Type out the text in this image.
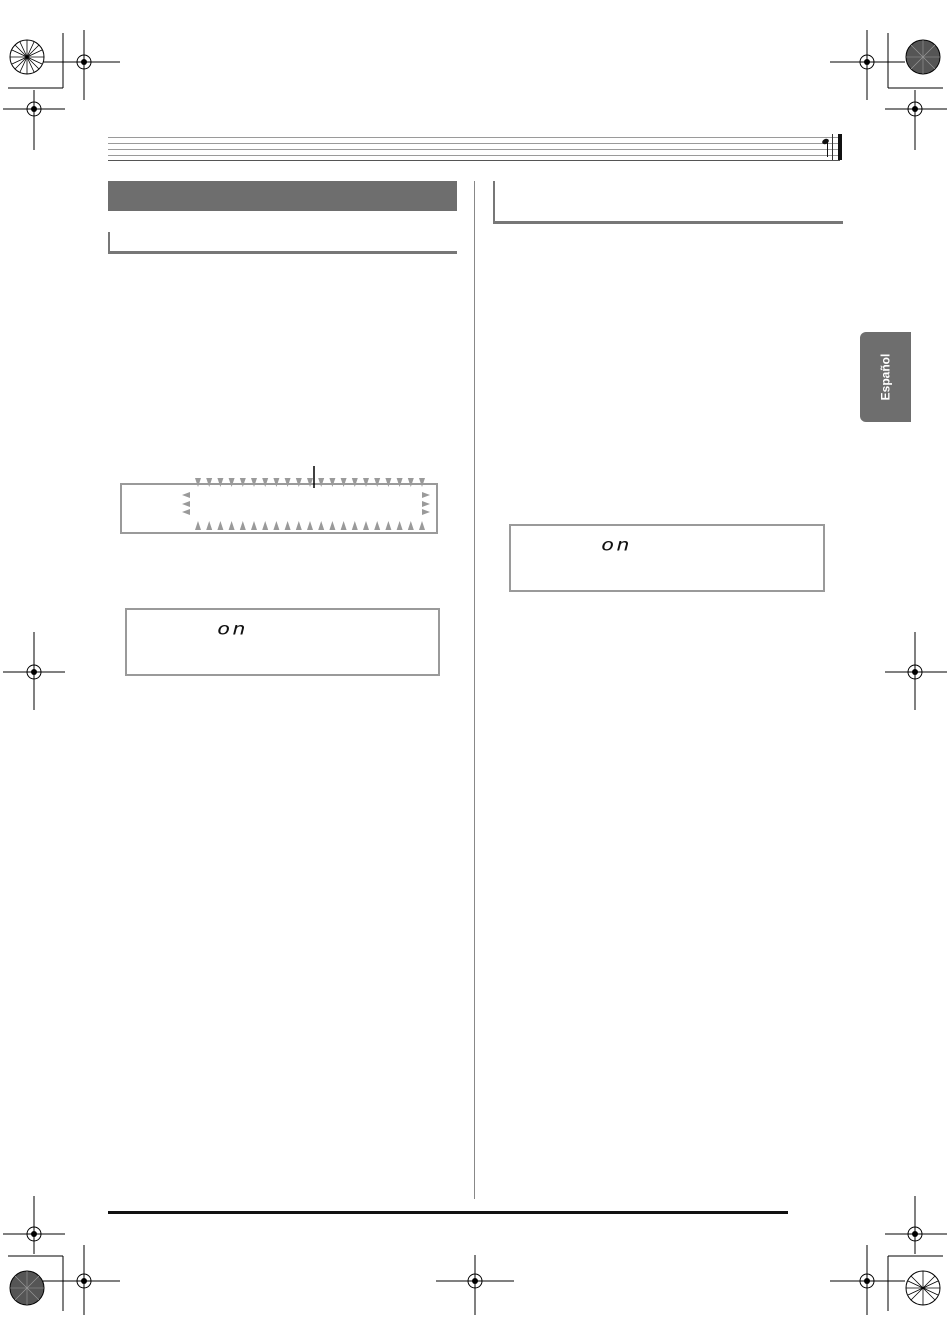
on
on
Español
